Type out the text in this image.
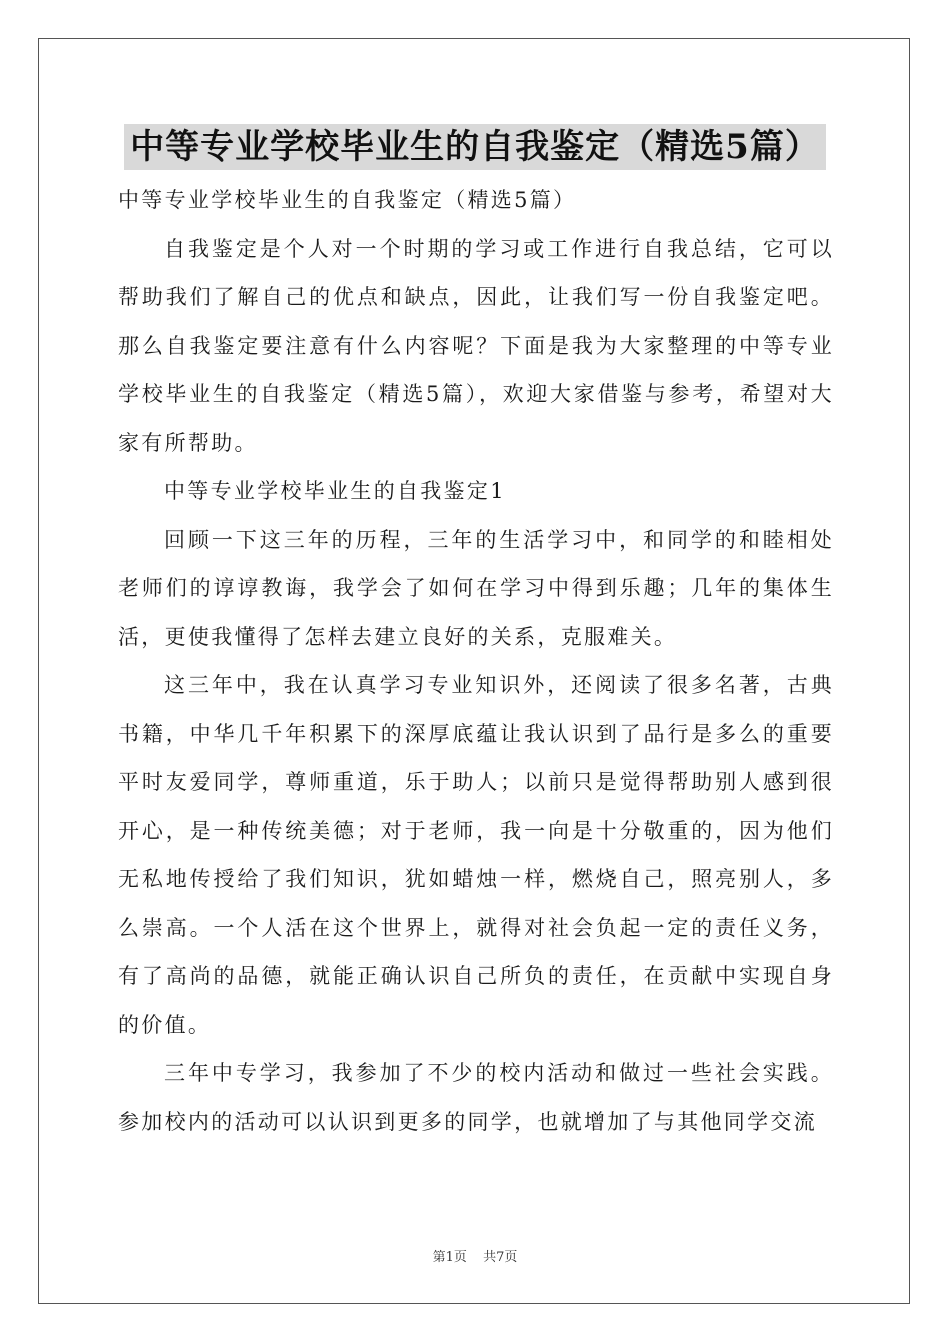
中等专业学校毕业生的自我鉴定（精选5篇）

中等专业学校毕业生的自我鉴定（精选5篇）

自我鉴定是个人对一个时期的学习或工作进行自我总结，它可以帮助我们了解自己的优点和缺点，因此，让我们写一份自我鉴定吧。那么自我鉴定要注意有什么内容呢？下面是我为大家整理的中等专业学校毕业生的自我鉴定（精选5篇），欢迎大家借鉴与参考，希望对大家有所帮助。

中等专业学校毕业生的自我鉴定1

回顾一下这三年的历程，三年的生活学习中，和同学的和睦相处老师们的谆谆教诲，我学会了如何在学习中得到乐趣；几年的集体生活，更使我懂得了怎样去建立良好的关系，克服难关。

这三年中，我在认真学习专业知识外，还阅读了很多名著，古典书籍，中华几千年积累下的深厚底蕴让我认识到了品行是多么的重要平时友爱同学，尊师重道，乐于助人；以前只是觉得帮助别人感到很开心，是一种传统美德；对于老师，我一向是十分敬重的，因为他们无私地传授给了我们知识，犹如蜡烛一样，燃烧自己，照亮别人，多么崇高。一个人活在这个世界上，就得对社会负起一定的责任义务，有了高尚的品德，就能正确认识自己所负的责任，在贡献中实现自身的价值。

三年中专学习，我参加了不少的校内活动和做过一些社会实践。参加校内的活动可以认识到更多的同学，也就增加了与其他同学交流

第1页 共7页
